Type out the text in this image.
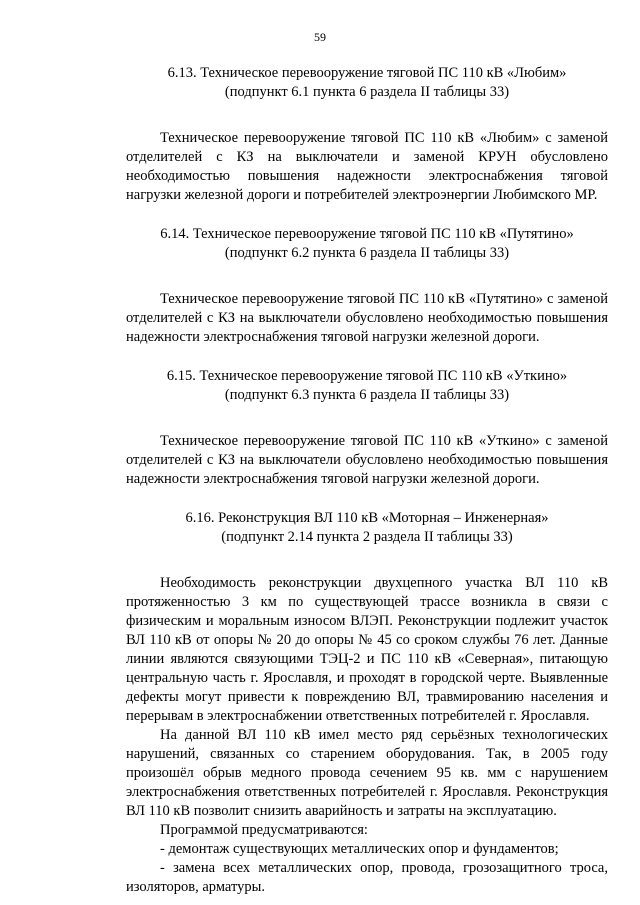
59

6.13. Техническое перевооружение тяговой ПС 110 кВ «Любим»

(подпункт 6.1 пункта 6 раздела II таблицы 33)

Техническое перевооружение тяговой ПС 110 кВ «Любим» с заменой отделителей с КЗ на выключатели и заменой КРУН обусловлено необходимостью повышения надежности электроснабжения тяговой нагрузки железной дороги и потребителей электроэнергии Любимского МР.

6.14. Техническое перевооружение тяговой ПС 110 кВ «Путятино»

(подпункт 6.2 пункта 6 раздела II таблицы 33)

Техническое перевооружение тяговой ПС 110 кВ «Путятино» с заменой отделителей с КЗ на выключатели обусловлено необходимостью повышения надежности электроснабжения тяговой нагрузки железной дороги.

6.15. Техническое перевооружение тяговой ПС 110 кВ «Уткино»

(подпункт 6.3 пункта 6 раздела II таблицы 33)

Техническое перевооружение тяговой ПС 110 кВ «Уткино» с заменой отделителей с КЗ на выключатели обусловлено необходимостью повышения надежности электроснабжения тяговой нагрузки железной дороги.

6.16. Реконструкция ВЛ 110 кВ «Моторная – Инженерная»

(подпункт 2.14 пункта 2 раздела II таблицы 33)

Необходимость реконструкции двухцепного участка ВЛ 110 кВ протяженностью 3 км по существующей трассе возникла в связи с физическим и моральным износом ВЛЭП. Реконструкции подлежит участок ВЛ 110 кВ от опоры № 20 до опоры № 45 со сроком службы 76 лет. Данные линии являются связующими ТЭЦ-2 и ПС 110 кВ «Северная», питающую центральную часть г. Ярославля, и проходят в городской черте. Выявленные дефекты могут привести к повреждению ВЛ, травмированию населения и перерывам в электроснабжении ответственных потребителей г. Ярославля.

На данной ВЛ 110 кВ имел место ряд серьёзных технологических нарушений, связанных со старением оборудования. Так, в 2005 году произошёл обрыв медного провода сечением 95 кв. мм с нарушением электроснабжения ответственных потребителей г. Ярославля. Реконструкция ВЛ 110 кВ позволит снизить аварийность и затраты на эксплуатацию.

Программой предусматриваются:

- демонтаж существующих металлических опор и фундаментов;

- замена всех металлических опор, провода, грозозащитного троса, изоляторов, арматуры.
